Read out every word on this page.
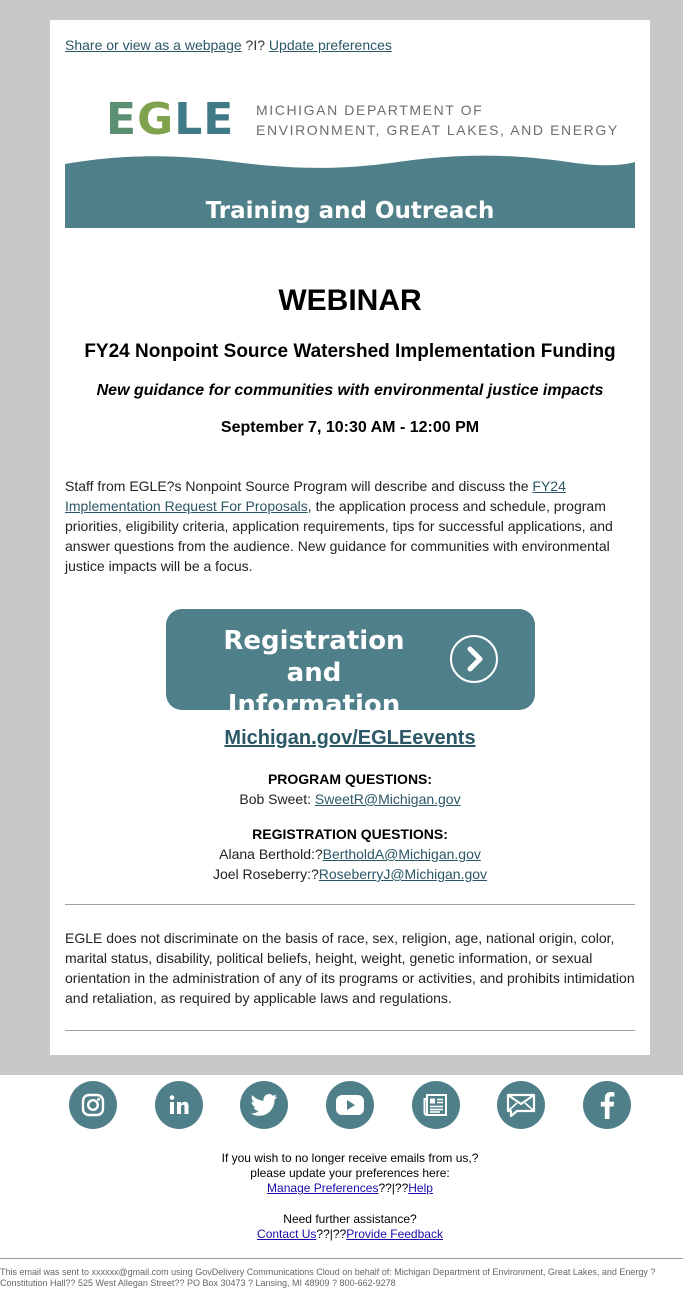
Share or view as a webpage ?I? Update preferences
EGLE MICHIGAN DEPARTMENT OF
ENVIRONMENT, GREAT LAKES, AND ENERGY
Training and Outreach
WEBINAR
FY24 Nonpoint Source Watershed Implementation Funding
New guidance for communities with environmental justice impacts
September 7, 10:30 AM - 12:00 PM

Staff from EGLE?s Nonpoint Source Program will describe and discuss the FY24 Implementation Request For Proposals, the application process and schedule, program priorities, eligibility criteria, application requirements, tips for successful applications, and answer questions from the audience. New guidance for communities with environmental justice impacts will be a focus.

Registration and
Information
Michigan.gov/EGLEevents
PROGRAM QUESTIONS:
Bob Sweet: SweetR@Michigan.gov
REGISTRATION QUESTIONS:
Alana Berthold:?BertholdA@Michigan.gov
Joel Roseberry:?RoseberryJ@Michigan.gov

EGLE does not discriminate on the basis of race, sex, religion, age, national origin, color, marital status, disability, political beliefs, height, weight, genetic information, or sexual orientation in the administration of any of its programs or activities, and prohibits intimidation and retaliation, as required by applicable laws and regulations.

If you wish to no longer receive emails from us,?
please update your preferences here:
Manage Preferences??|??Help
Need further assistance?
Contact Us??|??Provide Feedback
This email was sent to xxxxxx@gmail.com using GovDelivery Communications Cloud on behalf of: Michigan Department of Environment, Great Lakes, and Energy ? Constitution Hall?? 525 West Allegan Street?? PO Box 30473 ? Lansing, MI 48909 ? 800-662-9278
